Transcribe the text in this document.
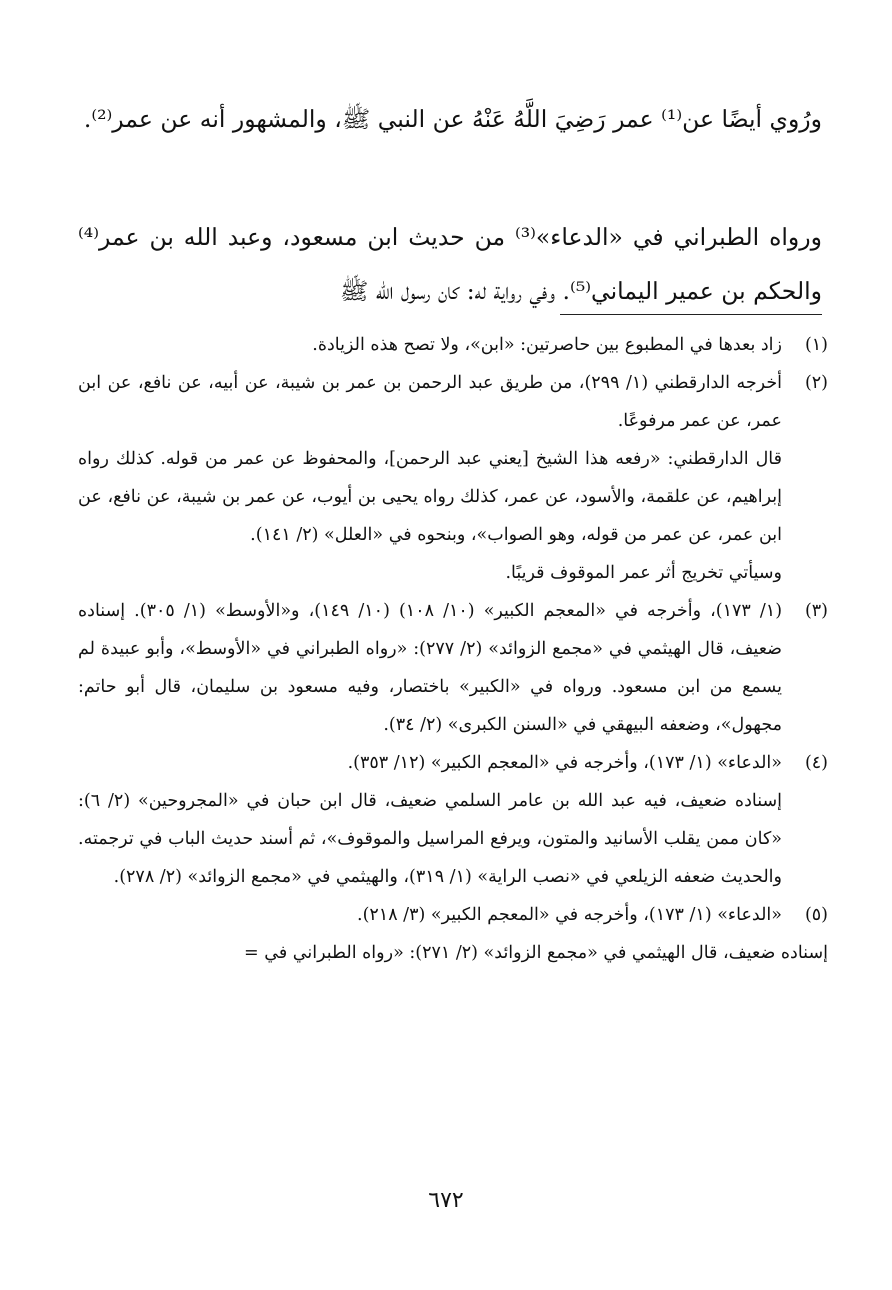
ورُوي أيضًا عن⁽¹⁾ عمر رَضِيَ اللَّهُ عَنْهُ عن النبي ﷺ، والمشهور أنه عن عمر⁽²⁾.

ورواه الطبراني في «الدعاء»⁽³⁾ من حديث ابن مسعود، وعبد الله بن عمر⁽⁴⁾ والحكم بن عمير اليماني⁽⁵⁾. وفي رواية له: كان رسول الله ﷺ

(١)

زاد بعدها في المطبوع بين حاصرتين: «ابن»، ولا تصح هذه الزيادة.

(٢)

أخرجه الدارقطني (١/ ٢٩٩)، من طريق عبد الرحمن بن عمر بن شيبة، عن أبيه، عن نافع، عن ابن عمر، عن عمر مرفوعًا.

قال الدارقطني: «رفعه هذا الشيخ [يعني عبد الرحمن]، والمحفوظ عن عمر من قوله. كذلك رواه إبراهيم، عن علقمة، والأسود، عن عمر، كذلك رواه يحيى بن أيوب، عن عمر بن شيبة، عن نافع، عن ابن عمر، عن عمر من قوله، وهو الصواب»، وبنحوه في «العلل» (٢/ ١٤١).

وسيأتي تخريج أثر عمر الموقوف قريبًا.

(٣)

(١/ ١٧٣)، وأخرجه في «المعجم الكبير» (١٠/ ١٠٨) (١٠/ ١٤٩)، و«الأوسط» (١/ ٣٠٥). إسناده ضعيف، قال الهيثمي في «مجمع الزوائد» (٢/ ٢٧٧): «رواه الطبراني في «الأوسط»، وأبو عبيدة لم يسمع من ابن مسعود. ورواه في «الكبير» باختصار، وفيه مسعود بن سليمان، قال أبو حاتم: مجهول»، وضعفه البيهقي في «السنن الكبرى» (٢/ ٣٤).

(٤)

«الدعاء» (١/ ١٧٣)، وأخرجه في «المعجم الكبير» (١٢/ ٣٥٣).

إسناده ضعيف، فيه عبد الله بن عامر السلمي ضعيف، قال ابن حبان في «المجروحين» (٢/ ٦): «كان ممن يقلب الأسانيد والمتون، ويرفع المراسيل والموقوف»، ثم أسند حديث الباب في ترجمته. والحديث ضعفه الزيلعي في «نصب الراية» (١/ ٣١٩)، والهيثمي في «مجمع الزوائد» (٢/ ٢٧٨).

(٥)

«الدعاء» (١/ ١٧٣)، وأخرجه في «المعجم الكبير» (٣/ ٢١٨).

إسناده ضعيف، قال الهيثمي في «مجمع الزوائد» (٢/ ٢٧١): «رواه الطبراني في =

٦٧٢
